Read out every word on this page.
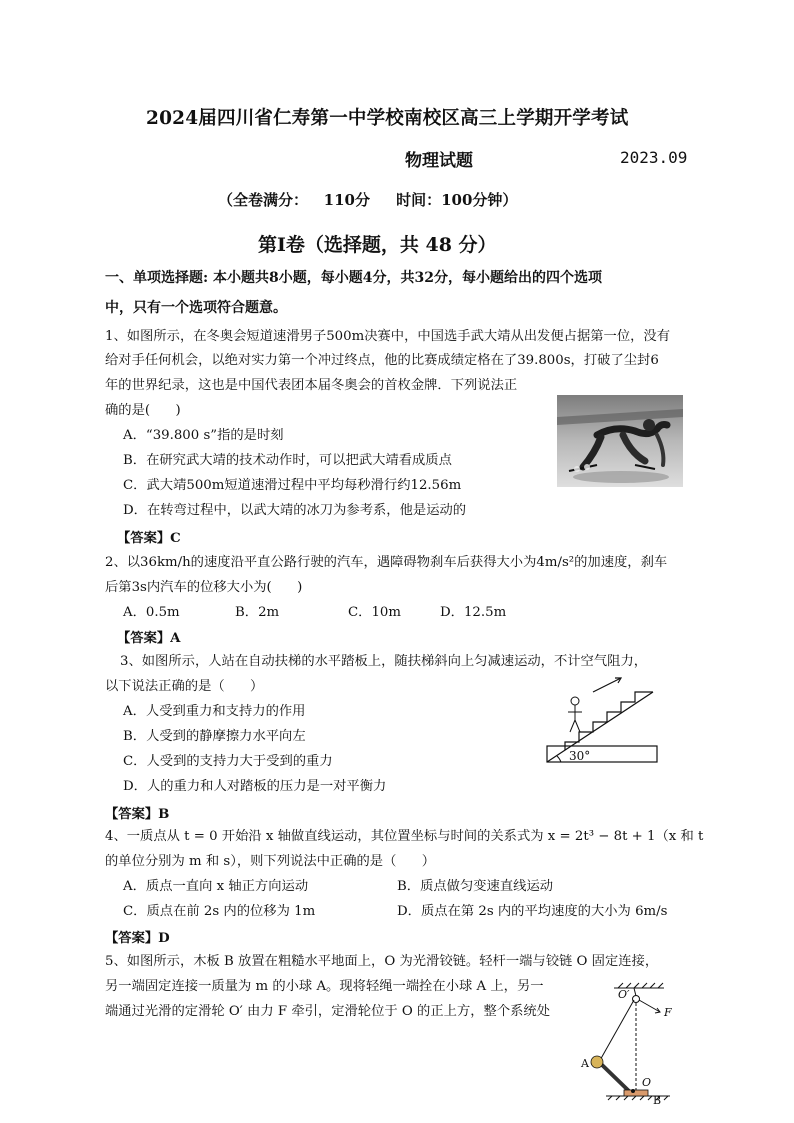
2024届四川省仁寿第一中学校南校区高三上学期开学考试
物理试题	2023.09
（全卷满分：   110分     时间：100分钟）
第Ⅰ卷（选择题，共 48 分）
一、单项选择题: 本小题共8小题，每小题4分，共32分，每小题给出的四个选项
中，只有一个选项符合题意。
1、如图所示，在冬奥会短道速滑男子500m决赛中，中国选手武大靖从出发便占据第一位，没有
给对手任何机会，以绝对实力第一个冲过终点，他的比赛成绩定格在了39.800s，打破了尘封6
年的世界纪录，这也是中国代表团本届冬奥会的首枚金牌．下列说法正
确的是(      )
A．“39.800 s”指的是时刻
B．在研究武大靖的技术动作时，可以把武大靖看成质点
C．武大靖500m短道速滑过程中平均每秒滑行约12.56m
D．在转弯过程中，以武大靖的冰刀为参考系，他是运动的
【答案】C
2、以36km/h的速度沿平直公路行驶的汽车，遇障碍物刹车后获得大小为4m/s²的加速度，刹车
后第3s内汽车的位移大小为(      )
A．0.5m	B．2m	C．10m	D．12.5m
【答案】A
3、如图所示，人站在自动扶梯的水平踏板上，随扶梯斜向上匀减速运动，不计空气阻力，
以下说法正确的是（      ）
A．人受到重力和支持力的作用
B．人受到的静摩擦力水平向左
C．人受到的支持力大于受到的重力
D．人的重力和人对踏板的压力是一对平衡力
【答案】B
30°
4、一质点从 t = 0 开始沿 x 轴做直线运动，其位置坐标与时间的关系式为 x = 2t³ − 8t + 1（x 和 t
的单位分别为 m 和 s），则下列说法中正确的是（      ）
A．质点一直向 x 轴正方向运动	B．质点做匀变速直线运动
C．质点在前 2s 内的位移为 1m	D．质点在第 2s 内的平均速度的大小为 6m/s
【答案】D
5、如图所示，木板 B 放置在粗糙水平地面上，O 为光滑铰链。轻杆一端与铰链 O 固定连接，
另一端固定连接一质量为 m 的小球 A。现将轻绳一端拴在小球 A 上，另一
端通过光滑的定滑轮 O′ 由力 F 牵引，定滑轮位于 O 的正上方，整个系统处
O′
F
A
O
B
